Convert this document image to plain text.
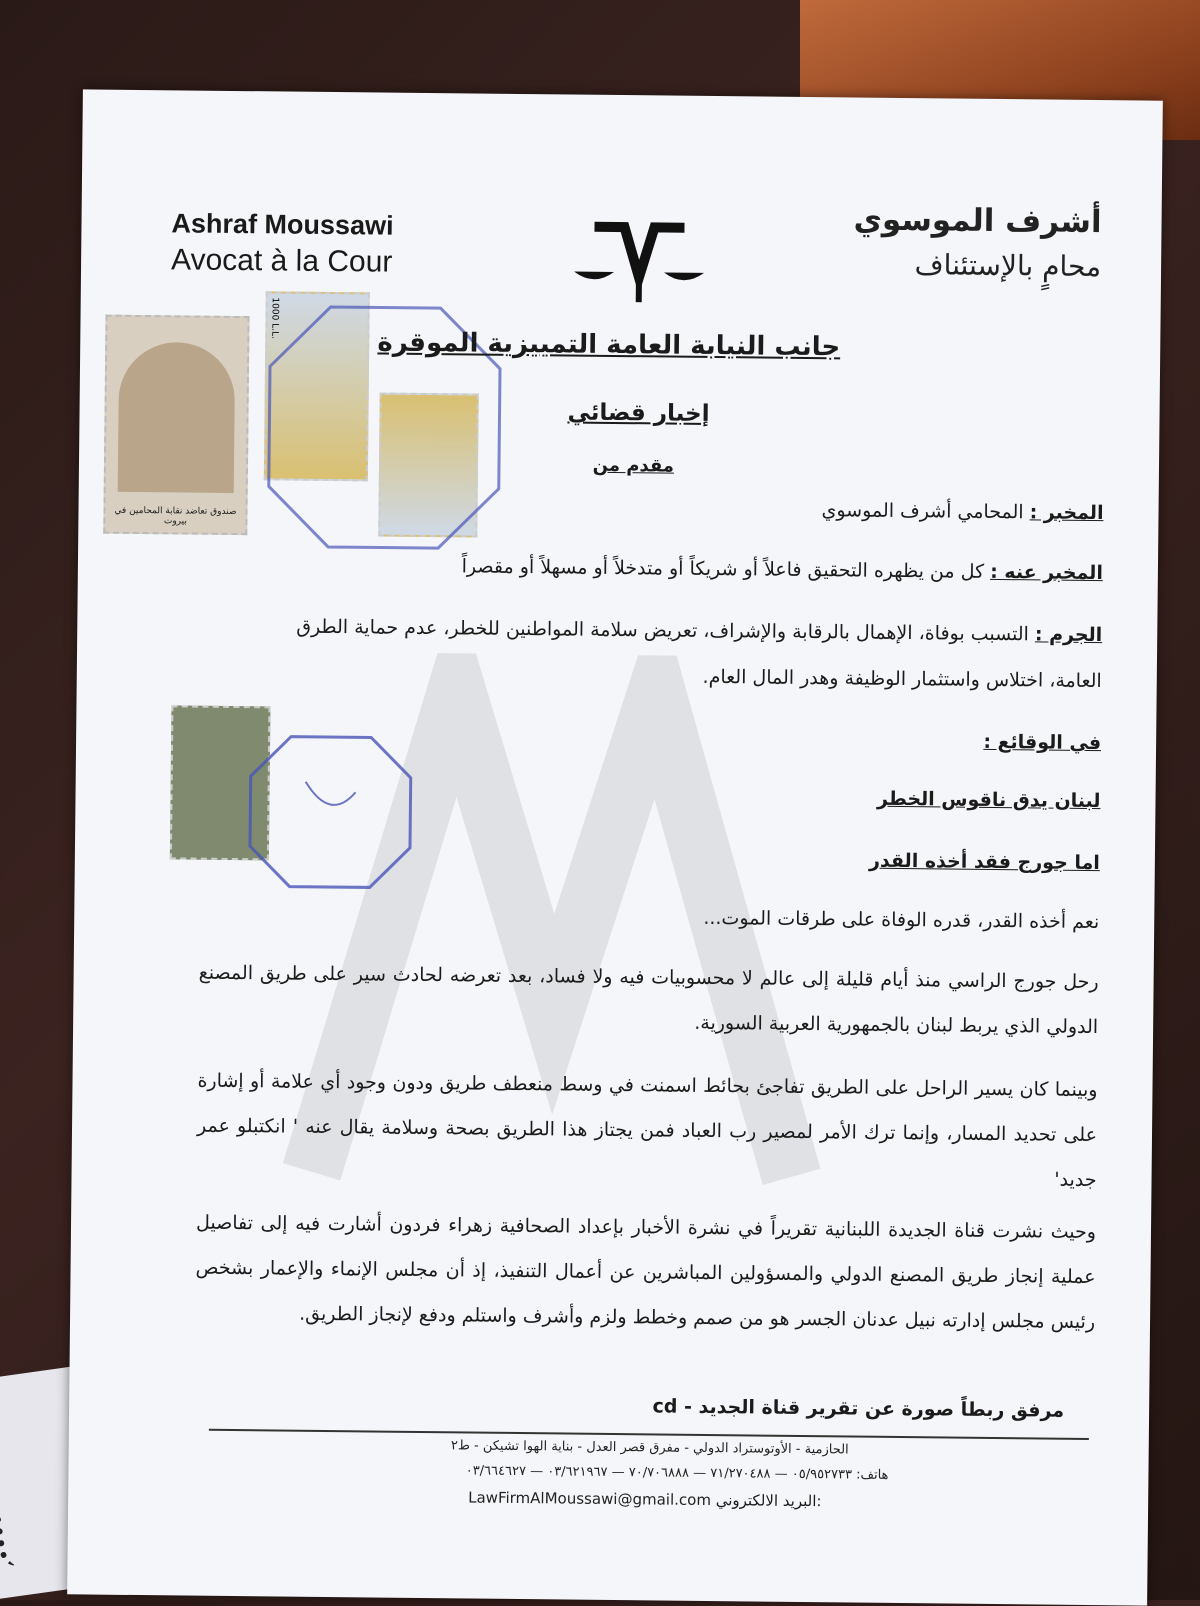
Ashraf Moussawi
Avocat à la Cour
أشرف الموسوي
محامٍ بالإستئناف
صندوق تعاضد نقابة المحامين في بيروت
1000 L.L.
جانب النيابة العامة التمييزية الموقرة
إخبار قضائي
مقدم من
المخبر : المحامي أشرف الموسوي
المخبر عنه : كل من يظهره التحقيق فاعلاً أو شريكاً أو متدخلاً أو مسهلاً أو مقصراً
الجرم : التسبب بوفاة، الإهمال بالرقابة والإشراف، تعريض سلامة المواطنين للخطر، عدم حماية الطرق
العامة، اختلاس واستثمار الوظيفة وهدر المال العام.
في الوقائع :
لبنان يدق ناقوس الخطر
اما جورج فقد أخذه القدر
نعم أخذه القدر، قدره الوفاة على طرقات الموت...
رحل جورج الراسي منذ أيام قليلة إلى عالم لا محسوبيات فيه ولا فساد، بعد تعرضه لحادث سير على طريق المصنع الدولي الذي يربط لبنان بالجمهورية العربية السورية.
وبينما كان يسير الراحل على الطريق تفاجئ بحائط اسمنت في وسط منعطف طريق ودون وجود أي علامة أو إشارة على تحديد المسار، وإنما ترك الأمر لمصير رب العباد فمن يجتاز هذا الطريق بصحة وسلامة يقال عنه ' انكتبلو عمر جديد'
وحيث نشرت قناة الجديدة اللبنانية تقريراً في نشرة الأخبار بإعداد الصحافية زهراء فردون أشارت فيه إلى تفاصيل عملية إنجاز طريق المصنع الدولي والمسؤولين المباشرين عن أعمال التنفيذ، إذ أن مجلس الإنماء والإعمار بشخص رئيس مجلس إدارته نبيل عدنان الجسر هو من صمم وخطط ولزم وأشرف واستلم ودفع لإنجاز الطريق.
مرفق ربطاً صورة عن تقرير قناة الجديد - cd
الحازمية - الأوتوستراد الدولي - مفرق قصر العدل - بناية الهوا تشيكن - ط٢
هاتف: ٠٥/٩٥٢٧٣٣ — ٧١/٢٧٠٤٨٨ — ٧٠/٧٠٦٨٨٨ — ٠٣/٦٢١٩٦٧ — ٠٣/٦٦٤٦٢٧
LawFirmAlMoussawi@gmail.com البريد الالكتروني:
